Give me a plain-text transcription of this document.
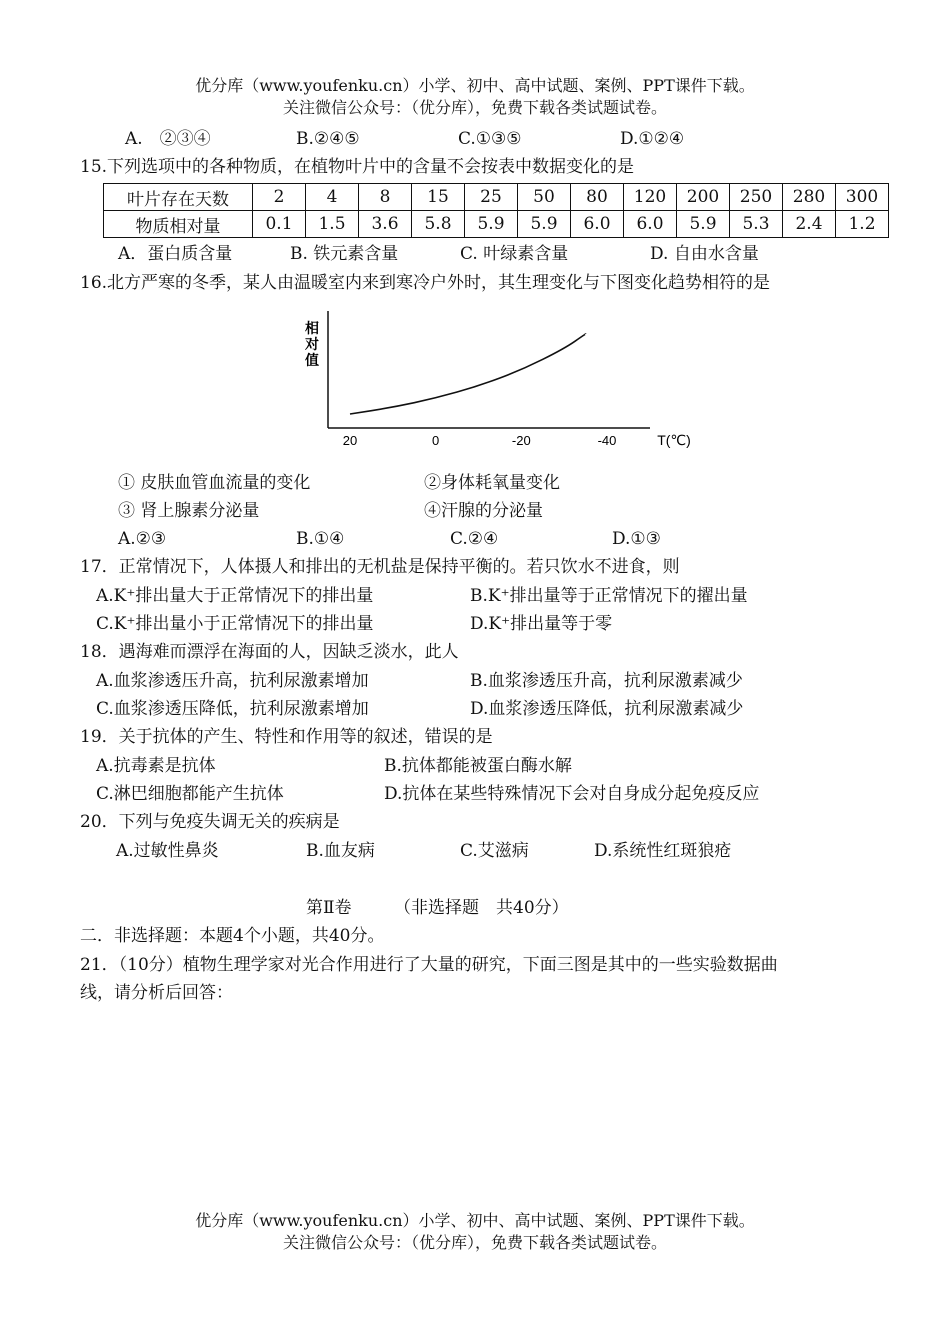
优分库（www.youfenku.cn）小学、初中、高中试题、案例、PPT课件下载。
关注微信公众号：（优分库），免费下载各类试题试卷。
A.　②③④	B.②④⑤	C.①③⑤	D.①②④
15.下列选项中的各种物质，在植物叶片中的含量不会按表中数据变化的是
叶片存在天数	2	4	8	15	25	50	80	120	200	250	280	300
物质相对量	0.1	1.5	3.6	5.8	5.9	5.9	6.0	6.0	5.9	5.3	2.4	1.2
A．蛋白质含量	B. 铁元素含量	C. 叶绿素含量	D. 自由水含量
16.北方严寒的冬季，某人由温暖室内来到寒冷户外时，其生理变化与下图变化趋势相符的是
相
对
值
20	0	-20	-40	T(℃)
① 皮肤血管血流量的变化	②身体耗氧量变化
③ 肾上腺素分泌量	④汗腺的分泌量
A.②③	B.①④	C.②④	D.①③
17．正常情况下，人体摄人和排出的无机盐是保持平衡的。若只饮水不进食，则
A.K⁺排出量大于正常情况下的排出量	B.K⁺排出量等于正常情况下的擢出量
C.K⁺排出量小于正常情况下的排出量	D.K⁺排出量等于零
18．遇海难而漂浮在海面的人，因缺乏淡水，此人
A.血浆渗透压升高，抗利尿激素增加	B.血浆渗透压升高，抗利尿激素减少
C.血浆渗透压降低，抗利尿激素增加	D.血浆渗透压降低，抗利尿激素减少
19．关于抗体的产生、特性和作用等的叙述，错误的是
A.抗毒素是抗体	B.抗体都能被蛋白酶水解
C.淋巴细胞都能产生抗体	D.抗体在某些特殊情况下会对自身成分起免疫反应
20．下列与免疫失调无关的疾病是
A.过敏性鼻炎	B.血友病	C.艾滋病	D.系统性红斑狼疮
第Ⅱ卷　　　（非选择题　共40分）
二．非选择题：本题4个小题，共40分。
21．（10分）植物生理学家对光合作用进行了大量的研究，下面三图是其中的一些实验数据曲
线，请分析后回答：
优分库（www.youfenku.cn）小学、初中、高中试题、案例、PPT课件下载。
关注微信公众号：（优分库），免费下载各类试题试卷。
